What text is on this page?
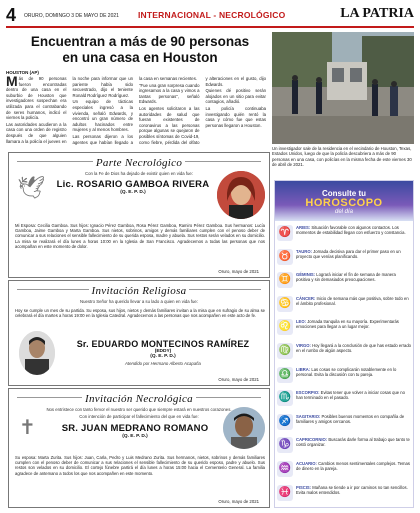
4 ORURO, DOMINGO 3 DE MAYO DE 2021 INTERNACIONAL - NECROLÓGICO	LA PATRIA
Encuentran a más de 90 personas en una casa en Houston
HOUSTON (AP)

Más de 90 personas fueron encontradas dentro de una casa en el suburbio de Houston que investigadores sospechan era utilizada para el contrabando de seres humanos, indicó el viernes la policía.

Las autoridades acudieron a la casa con una orden de registro después de que alguien llamara a la policía el jueves en la noche para informar que un pariente había sido secuestrado, dijo el teniente Ronald Rodríguez Rodríguez.

Un equipo de tácticas especiales ingresó a la vivienda, señaló Edwards, y encontró un gran número de adultos hacinados entre mujeres y al menos hombres.

Las personas dijeron a los agentes que habían llegado a la casa en semanas recientes.

"Fue una gran sorpresa cuando ingresamos a la casa y vimos a tantas personas", señaló Edwards.

Los agentes solicitaron a las autoridades de salud que fueran existentes de coronavirus a las personas porque algunas se quejaron de posibles síntomas de Covid-19, como fiebre, pérdida del olfato y alteraciones en el gusto, dijo Edwards.

Quienes dé positivo serán alojados en un sitio para evitar contagios, añadió.

La policía continuaba investigando quién rentó la casa y cómo fue que estas personas llegaron a Houston.

Un investigador sale de la residencia en el vecindario de Houston, Texas, Estados Unidos, luego de que la policía descubriera a más de 90 personas en una casa, con policías en la misma fecha de este viernes 30 de abril de 2021.
Parte Necrológico
Con la Fe de Dios ha dejado de existir quien en vida fue:
🕊	Lic. ROSARIO GAMBOA RIVERA
(Q. E. P. D.)
Mi Esposa: Cecilia Gamboa. Sus hijos: Ignacio Pérez Gamboa, Rosa Pérez Gamboa, Ramiro Pérez Gamboa. Sus hermanos: Lucía Gamboa, Jaime Gamboa y Marta Gamboa. Sus nietos, sobrinos, amigos y demás familiares cumplen con el penoso deber de comunicar a sus relaciones el sensible fallecimiento de su querida esposa, madre y abuela. Sus restos serán velados en su domicilio. La misa se realizará el día lunes a horas 10:00 en la Iglesia de San Francisco. Agradecemos a todas las personas que nos acompañan en este momento de dolor.
Oruro, mayo de 2021
Invitación Religiosa
Nuestro Señor ha querido llevar a su lado a quien en vida fue:
Hoy se cumple un mes de su partida. Su esposa, sus hijos, nietos y demás familiares invitan a la misa que en sufragio de su alma se celebrará el día martes a horas 19:00 en la Iglesia Catedral. Agradecemos a las personas que nos acompañen en este acto de fe.
Sr. EDUARDO MONTECINOS RAMÍREZ
(EDDY)
(Q. E. P. D.)
Atendido por Hermano Alberto Acapaña
Oruro, mayo de 2021
Invitación Necrológica
Nos entristece con tanto fervor el nuestro ser querido que siempre estará en nuestros corazones.
Con intención de participar el fallecimiento del que en vida fue:
✝	SR. JUAN MEDRANO ROMANO
(Q. E. P. D.)
Su esposa: Marta Zurita. Sus hijos: Juan, Carla, Pedro y Luis Medrano Zurita. Sus hermanos, nietos, sobrinos y demás familiares cumplen con el penoso deber de comunicar a sus relaciones el sensible fallecimiento de su querido esposo, padre y abuelo. Sus restos son velados en su domicilio. El cortejo fúnebre partirá el día lunes a horas 15:00 hacia el Cementerio General. La familia agradece de antemano a todos los que nos acompañen en este momento.
Oruro, mayo de 2021
Consulte tu
HOROSCOPO
del día
♈	ARIES: Situación favorable con algunos contactos. Los momentos de estabilidad llegan con esfuerzo y constancia.
♉	TAURO: Jornada decisiva para dar el primer paso en un proyecto que venías planificando.
♊	GÉMINIS: Logrará iniciar el fin de semana de manera positiva y sin demasiados preocupaciones.
♋	CÁNCER: Inicio de semana más que positiva, sobre todo en el ámbito profesional.
♌	LEO: Jornada tranquila en su mayoría. Experimentarás emociones para llegar a un lugar mejor.
♍	VIRGO: Hoy llegará a la conclusión de que has estado errado en el rumbo de algún aspecto.
♎	LIBRA: Las cosas se complicarán notablemente en lo personal. Evita la discusión con tu pareja.
♏	ESCORPIO: Evitas tener que volver a iniciar cosas que no han terminado en el pasado.
♐	SAGITARIO: Posibles buenos momentos en compañía de familiares y amigos cercanos.
♑	CAPRICORNIO: Buscarás darle forma al trabajo que tanto te costó organizar.
♒	ACUARIO: Cambios menos sentimentales complejos. Temas de dinero en la pareja.
♓	PISCIS: Mañana se tiende a ir por caminos no tan sencillos. Evita malos entendidos.
